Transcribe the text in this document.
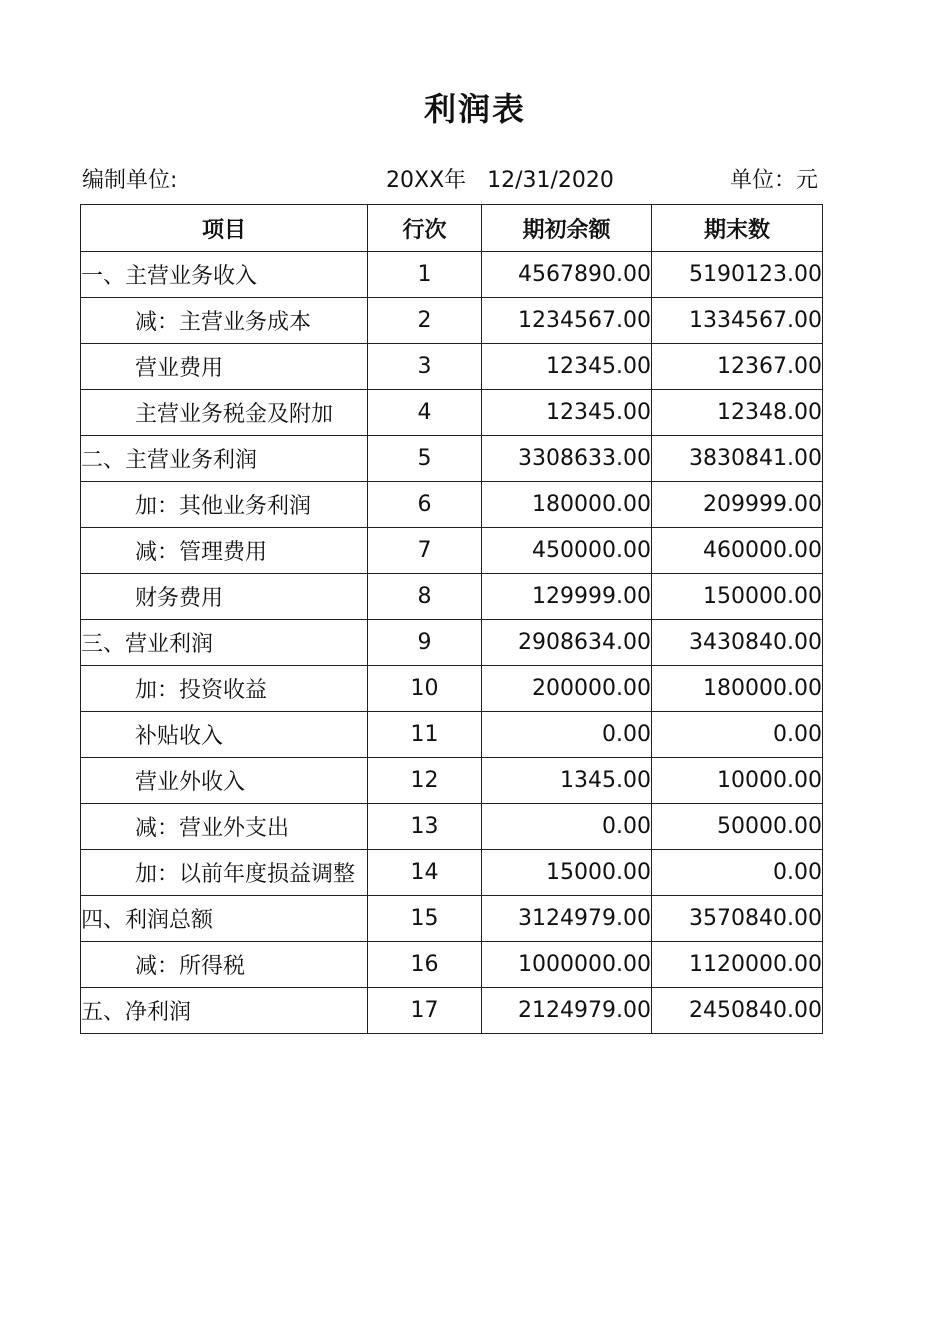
利润表
编制单位:	20XX年   12/31/2020	单位：元
项目	行次	期初余额	期末数
一、主营业务收入	1	4567890.00	5190123.00
减：主营业务成本	2	1234567.00	1334567.00
营业费用	3	12345.00	12367.00
主营业务税金及附加	4	12345.00	12348.00
二、主营业务利润	5	3308633.00	3830841.00
加：其他业务利润	6	180000.00	209999.00
减：管理费用	7	450000.00	460000.00
财务费用	8	129999.00	150000.00
三、营业利润	9	2908634.00	3430840.00
加：投资收益	10	200000.00	180000.00
补贴收入	11	0.00	0.00
营业外收入	12	1345.00	10000.00
减：营业外支出	13	0.00	50000.00
加：以前年度损益调整	14	15000.00	0.00
四、利润总额	15	3124979.00	3570840.00
减：所得税	16	1000000.00	1120000.00
五、净利润	17	2124979.00	2450840.00
